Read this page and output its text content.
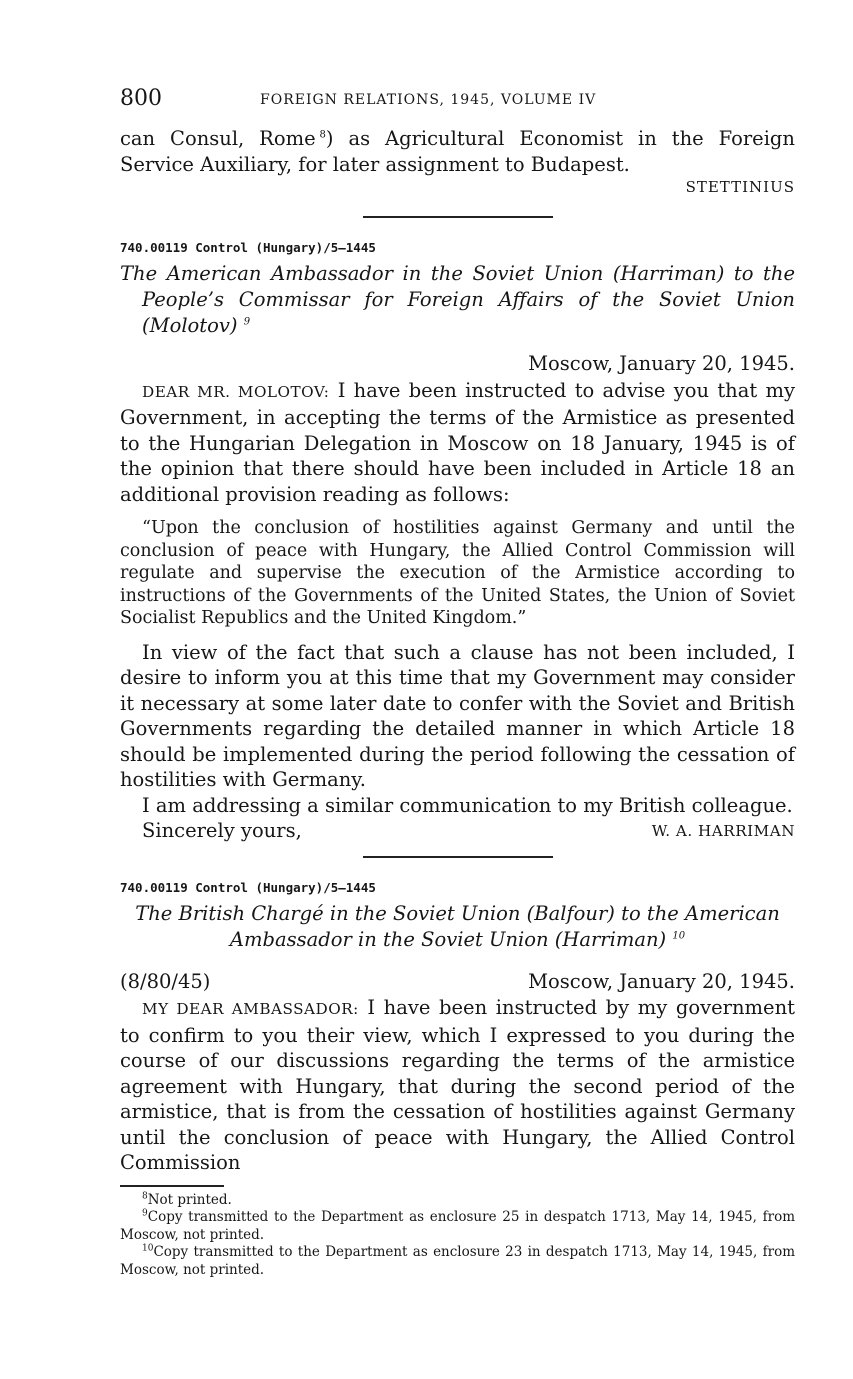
800	FOREIGN RELATIONS, 1945, VOLUME IV

can Consul, Rome $^8$) as Agricultural Economist in the Foreign Service Auxiliary, for later assignment to Budapest.

STETTINIUS

740.00119 Control (Hungary)/5–1445

The American Ambassador in the Soviet Union (Harriman) to the People’s Commissar for Foreign Affairs of the Soviet Union (Molotov) $^9$

Moscow, January 20, 1945.

DEAR MR. MOLOTOV: I have been instructed to advise you that my Government, in accepting the terms of the Armistice as presented to the Hungarian Delegation in Moscow on 18 January, 1945 is of the opinion that there should have been included in Article 18 an additional provision reading as follows:

“Upon the conclusion of hostilities against Germany and until the conclusion of peace with Hungary, the Allied Control Commission will regulate and supervise the execution of the Armistice according to instructions of the Governments of the United States, the Union of Soviet Socialist Republics and the United Kingdom.”

In view of the fact that such a clause has not been included, I desire to inform you at this time that my Government may consider it necessary at some later date to confer with the Soviet and British Governments regarding the detailed manner in which Article 18 should be implemented during the period following the cessation of hostilities with Germany.

I am addressing a similar communication to my British colleague.

Sincerely yours,	W. A. HARRIMAN

740.00119 Control (Hungary)/5–1445

The British Chargé in the Soviet Union (Balfour) to the American Ambassador in the Soviet Union (Harriman) $^{10}$

(8/80/45)	Moscow, January 20, 1945.

MY DEAR AMBASSADOR: I have been instructed by my government to confirm to you their view, which I expressed to you during the course of our discussions regarding the terms of the armistice agreement with Hungary, that during the second period of the armistice, that is from the cessation of hostilities against Germany until the conclusion of peace with Hungary, the Allied Control Commission

$^8$Not printed.

$^9$Copy transmitted to the Department as enclosure 25 in despatch 1713, May 14, 1945, from Moscow, not printed.

$^{10}$Copy transmitted to the Department as enclosure 23 in despatch 1713, May 14, 1945, from Moscow, not printed.
